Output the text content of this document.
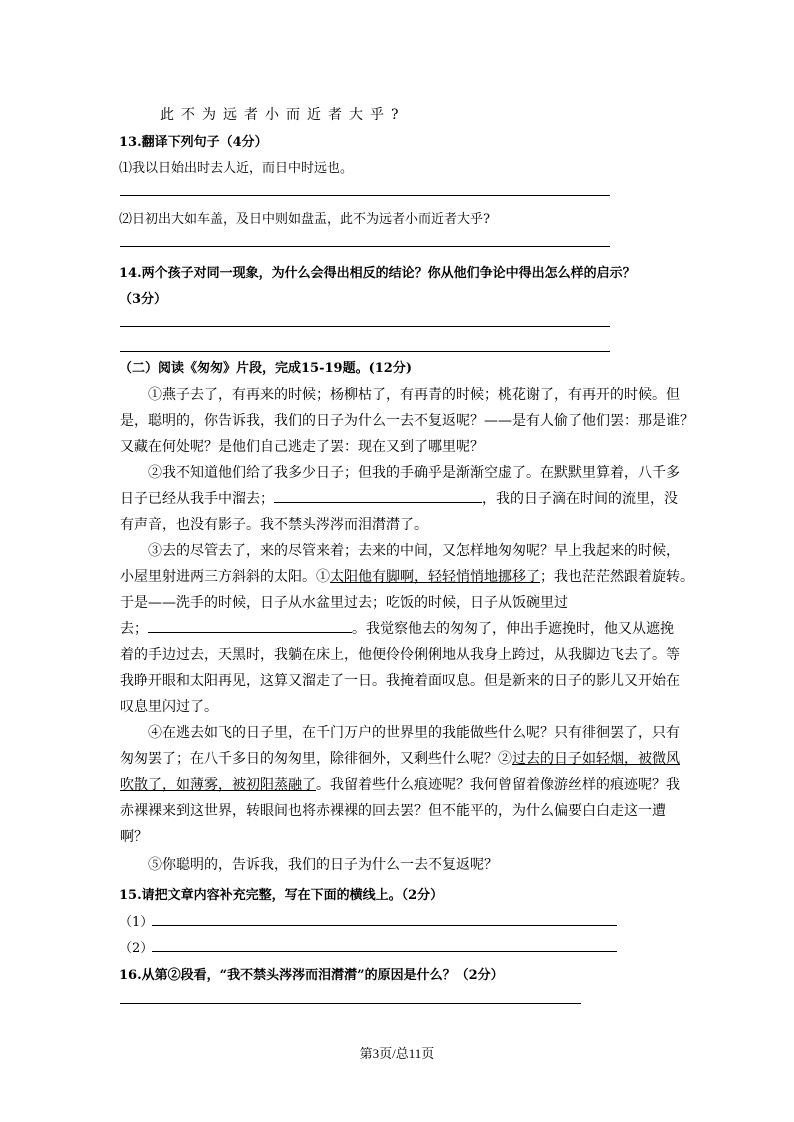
此不为远者小而近者大乎?
13.翻译下列句子（4分）
⑴我以日始出时去人近，而日中时远也。
⑵日初出大如车盖，及日中则如盘盂，此不为远者小而近者大乎?
14.两个孩子对同一现象，为什么会得出相反的结论？你从他们争论中得出怎么样的启示？
（3分）
（二）阅读《匆匆》片段，完成15-19题。(12分)
①燕子去了，有再来的时候；杨柳枯了，有再青的时候；桃花谢了，有再开的时候。但
是，聪明的，你告诉我，我们的日子为什么一去不复返呢？——是有人偷了他们罢：那是谁？
又藏在何处呢？是他们自己逃走了罢：现在又到了哪里呢？
②我不知道他们给了我多少日子；但我的手确乎是渐渐空虚了。在默默里算着，八千多
日子已经从我手中溜去；	，我的日子滴在时间的流里，没
有声音，也没有影子。我不禁头涔涔而泪潸潸了。
③去的尽管去了，来的尽管来着；去来的中间，又怎样地匆匆呢？早上我起来的时候，
小屋里射进两三方斜斜的太阳。①太阳他有脚啊，轻轻悄悄地挪移了；我也茫茫然跟着旋转。
于是——洗手的时候，日子从水盆里过去；吃饭的时候，日子从饭碗里过
去；	。我觉察他去的匆匆了，伸出手遮挽时，他又从遮挽
着的手边过去，天黑时，我躺在床上，他便伶伶俐俐地从我身上跨过，从我脚边飞去了。等
我睁开眼和太阳再见，这算又溜走了一日。我掩着面叹息。但是新来的日子的影儿又开始在
叹息里闪过了。
④在逃去如飞的日子里，在千门万户的世界里的我能做些什么呢？只有徘徊罢了，只有
匆匆罢了；在八千多日的匆匆里，除徘徊外，又剩些什么呢？②过去的日子如轻烟，被微风
吹散了，如薄雾，被初阳蒸融了。我留着些什么痕迹呢？我何曾留着像游丝样的痕迹呢？我
赤裸裸来到这世界，转眼间也将赤裸裸的回去罢？但不能平的，为什么偏要白白走这一遭
啊？
⑤你聪明的，告诉我，我们的日子为什么一去不复返呢？
15.请把文章内容补充完整，写在下面的横线上。（2分）
（1）
（2）
16.从第②段看，“我不禁头涔涔而泪潸潸”的原因是什么？（2分）
第3页/总11页
